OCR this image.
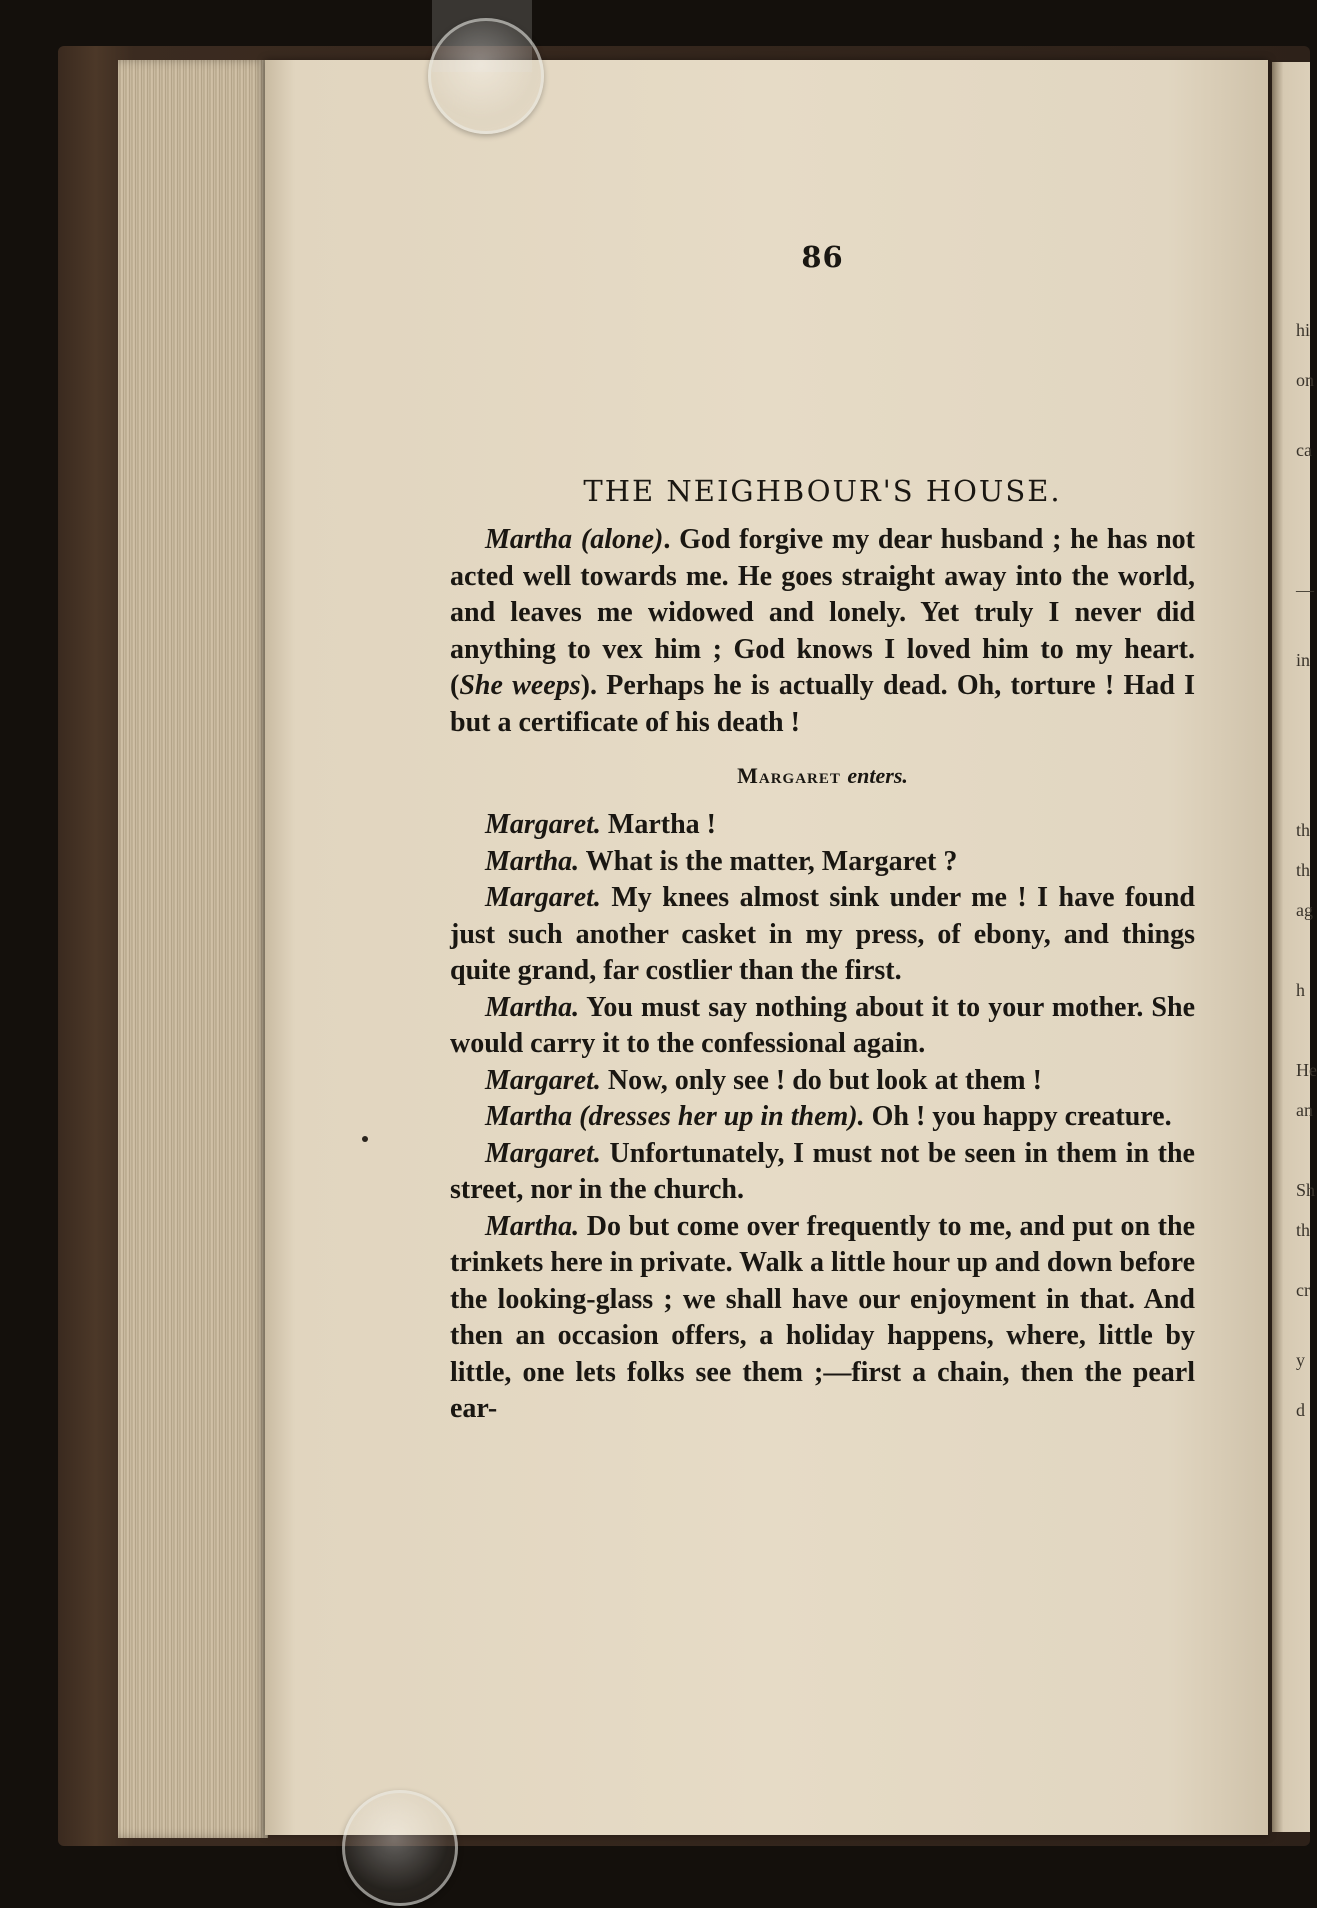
86
THE NEIGHBOUR'S HOUSE.

Martha (alone). God forgive my dear husband ; he has not acted well towards me. He goes straight away into the world, and leaves me widowed and lonely. Yet truly I never did anything to vex him ; God knows I loved him to my heart. (She weeps). Perhaps he is actually dead. Oh, torture ! Had I but a certificate of his death !

Margaret enters.

Margaret. Martha !

Martha. What is the matter, Margaret ?

Margaret. My knees almost sink under me ! I have found just such another casket in my press, of ebony, and things quite grand, far costlier than the first.

Martha. You must say nothing about it to your mother. She would carry it to the confessional again.

Margaret. Now, only see ! do but look at them !

Martha (dresses her up in them). Oh ! you happy creature.

Margaret. Unfortunately, I must not be seen in them in the street, nor in the church.

Martha. Do but come over frequently to me, and put on the trinkets here in private. Walk a little hour up and down before the looking-glass ; we shall have our enjoyment in that. And then an occasion offers, a holiday happens, where, little by little, one lets folks see them ;—first a chain, then the pearl ear-

hi
on
ca
—
in
th
th
ag
h
He
an
Sh
th
cr
y
d
